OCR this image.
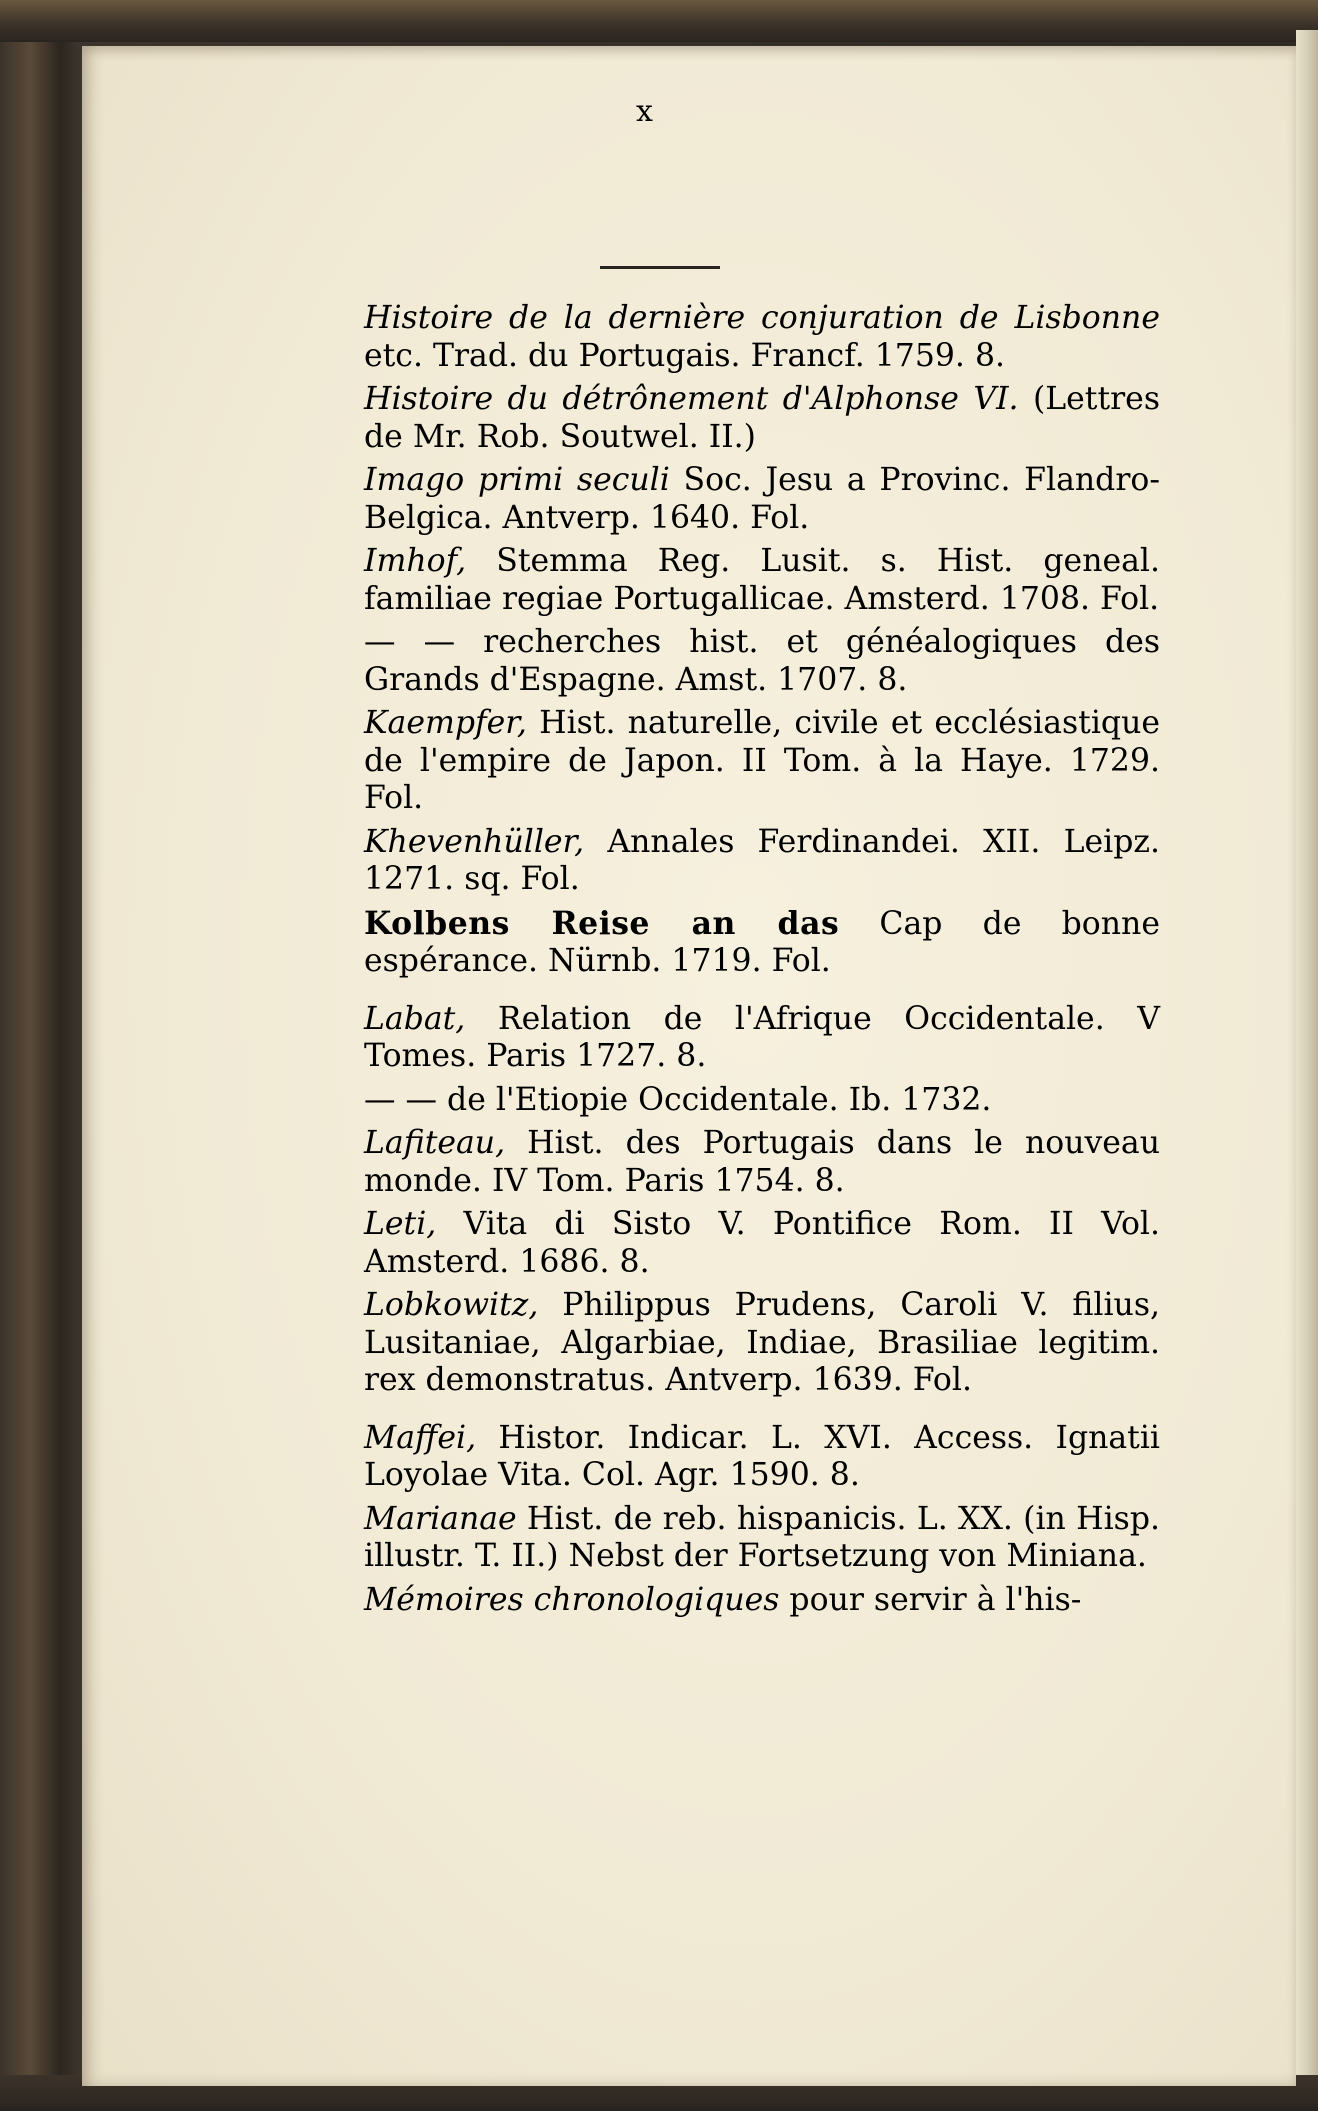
x

Histoire de la dernière conjuration de Lisbonne etc. Trad. du Portugais. Francf. 1759. 8.

Histoire du détrônement d'Alphonse VI. (Lettres de Mr. Rob. Soutwel. II.)

Imago primi seculi Soc. Jesu a Provinc. Flandro-Belgica. Antverp. 1640. Fol.

Imhof, Stemma Reg. Lusit. s. Hist. geneal. familiae regiae Portugallicae. Amsterd. 1708. Fol.

— — recherches hist. et généalogiques des Grands d'Espagne. Amst. 1707. 8.

Kaempfer, Hist. naturelle, civile et ecclésiastique de l'empire de Japon. II Tom. à la Haye. 1729. Fol.

Khevenhüller, Annales Ferdinandei. XII. Leipz. 1271. sq. Fol.

Kolbens Reise an das Cap de bonne espérance. Nürnb. 1719. Fol.

Labat, Relation de l'Afrique Occidentale. V Tomes. Paris 1727. 8.

— — de l'Etiopie Occidentale. Ib. 1732.

Lafiteau, Hist. des Portugais dans le nouveau monde. IV Tom. Paris 1754. 8.

Leti, Vita di Sisto V. Pontifice Rom. II Vol. Amsterd. 1686. 8.

Lobkowitz, Philippus Prudens, Caroli V. filius, Lusitaniae, Algarbiae, Indiae, Brasiliae legitim. rex demonstratus. Antverp. 1639. Fol.

Maffei, Histor. Indicar. L. XVI. Access. Ignatii Loyolae Vita. Col. Agr. 1590. 8.

Marianae Hist. de reb. hispanicis. L. XX. (in Hisp. illustr. T. II.) Nebst der Fortsetzung von Miniana.

Mémoires chronologiques pour servir à l'his-
